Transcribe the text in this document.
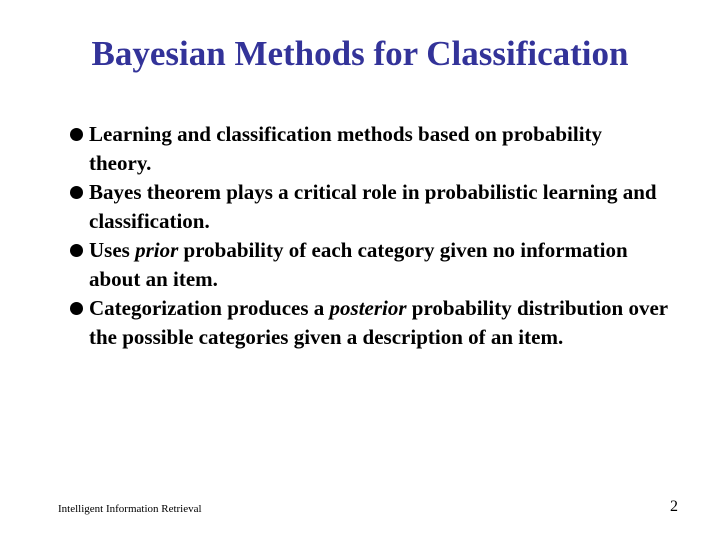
Bayesian Methods for Classification
Learning and classification methods based on probability theory.
Bayes theorem plays a critical role in probabilistic learning and classification.
Uses prior probability of each category given no information about an item.
Categorization produces a posterior probability distribution over the possible categories given a description of an item.
Intelligent Information Retrieval	2
